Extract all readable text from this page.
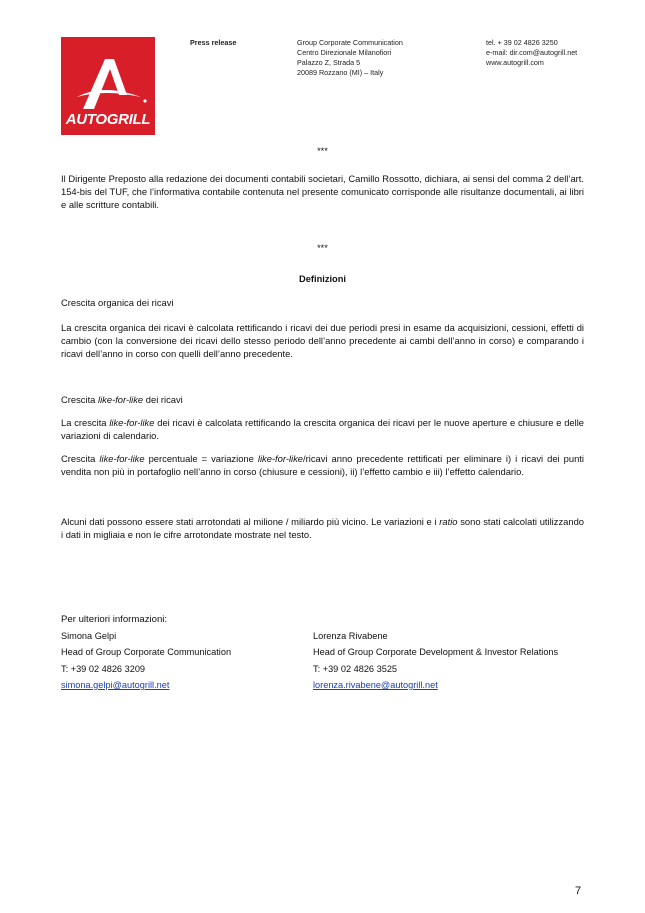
AUTOGRILL
Press release	Group Corporate Communication
Centro Direzionale Milanofiori
Palazzo Z, Strada 5
20089 Rozzano (MI) – Italy
tel. + 39 02 4826 3250
e-mail: dir.com@autogrill.net
www.autogrill.com
***
Il Dirigente Preposto alla redazione dei documenti contabili societari, Camillo Rossotto, dichiara, ai sensi del comma 2 dell’art. 154-bis del TUF, che l’informativa contabile contenuta nel presente comunicato corrisponde alle risultanze documentali, ai libri e alle scritture contabili.
***
Definizioni
Crescita organica dei ricavi
La crescita organica dei ricavi è calcolata rettificando i ricavi dei due periodi presi in esame da acquisizioni, cessioni, effetti di cambio (con la conversione dei ricavi dello stesso periodo dell’anno precedente ai cambi dell’anno in corso) e comparando i ricavi dell’anno in corso con quelli dell’anno precedente.
Crescita like-for-like dei ricavi
La crescita like-for-like dei ricavi è calcolata rettificando la crescita organica dei ricavi per le nuove aperture e chiusure e delle variazioni di calendario.
Crescita like-for-like percentuale = variazione like-for-like/ricavi anno precedente rettificati per eliminare i) i ricavi dei punti vendita non più in portafoglio nell’anno in corso (chiusure e cessioni), ii) l’effetto cambio e iii) l’effetto calendario.
Alcuni dati possono essere stati arrotondati al milione / miliardo più vicino. Le variazioni e i ratio sono stati calcolati utilizzando i dati in migliaia e non le cifre arrotondate mostrate nel testo.
Per ulteriori informazioni:
Simona Gelpi
Head of Group Corporate Communication
T: +39 02 4826 3209
simona.gelpi@autogrill.net
Lorenza Rivabene
Head of Group Corporate Development & Investor Relations
T: +39 02 4826 3525
lorenza.rivabene@autogrill.net
7
